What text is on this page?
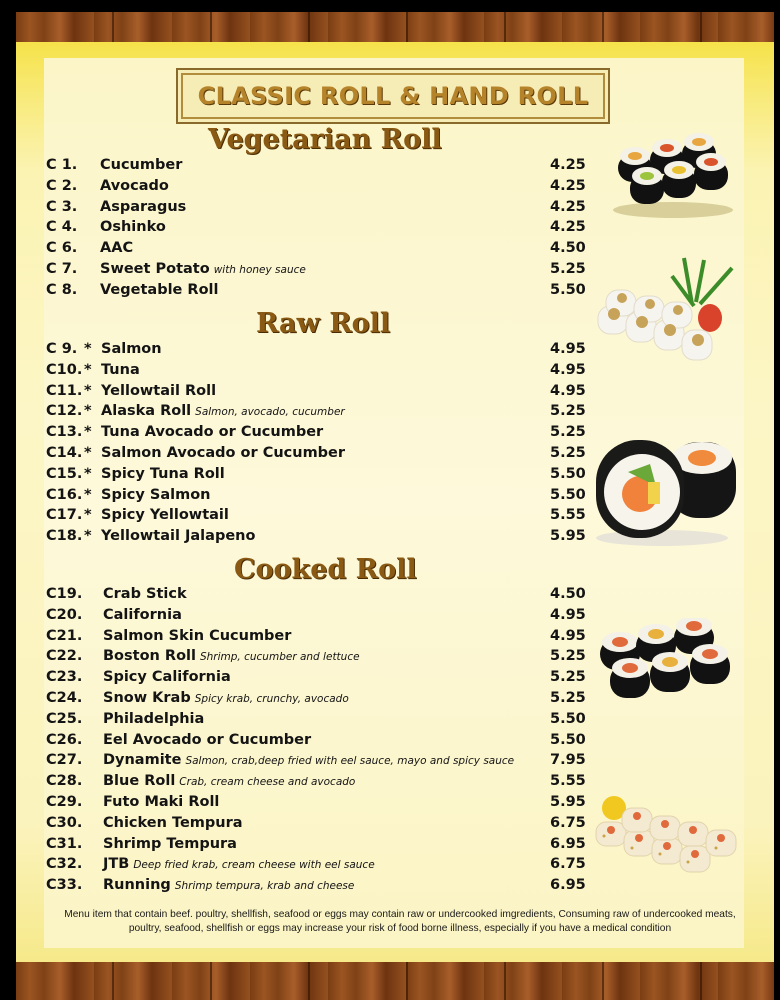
CLASSIC ROLL & HAND ROLL
Vegetarian Roll
Raw Roll
Cooked Roll
C 1. Cucumber	4.25
C 2. Avocado	4.25
C 3. Asparagus	4.25
C 4. Oshinko	4.25
C 6. AAC	4.50
C 7. Sweet Potato with honey sauce	5.25
C 8. Vegetable Roll	5.50
C 9. * Salmon	4.95
C10. * Tuna	4.95
C11. * Yellowtail Roll	4.95
C12. * Alaska Roll Salmon, avocado, cucumber	5.25
C13. * Tuna Avocado or Cucumber	5.25
C14. * Salmon Avocado or Cucumber	5.25
C15. * Spicy Tuna Roll	5.50
C16. * Spicy Salmon	5.50
C17. * Spicy Yellowtail	5.55
C18. * Yellowtail Jalapeno	5.95
C19. Crab Stick	4.50
C20. California	4.95
C21. Salmon Skin Cucumber	4.95
C22. Boston Roll Shrimp, cucumber and lettuce	5.25
C23. Spicy California	5.25
C24. Snow Krab Spicy krab, crunchy, avocado	5.25
C25. Philadelphia	5.50
C26. Eel Avocado or Cucumber	5.50
C27. Dynamite Salmon, crab,deep fried with eel sauce, mayo and spicy sauce 7.95
C28. Blue Roll Crab, cream cheese and avocado	5.55
C29. Futo Maki Roll	5.95
C30. Chicken Tempura	6.75
C31. Shrimp Tempura	6.95
C32. JTB Deep fried krab, cream cheese with eel sauce	6.75
C33. Running Shrimp tempura, krab and cheese	6.95
Menu item that contain beef. poultry, shellfish, seafood or eggs may contain raw or undercooked imgredients, Consuming raw of undercooked meats,
poultry, seafood, shellfish or eggs may increase your risk of food borne illness, especially if you have a medical condition
